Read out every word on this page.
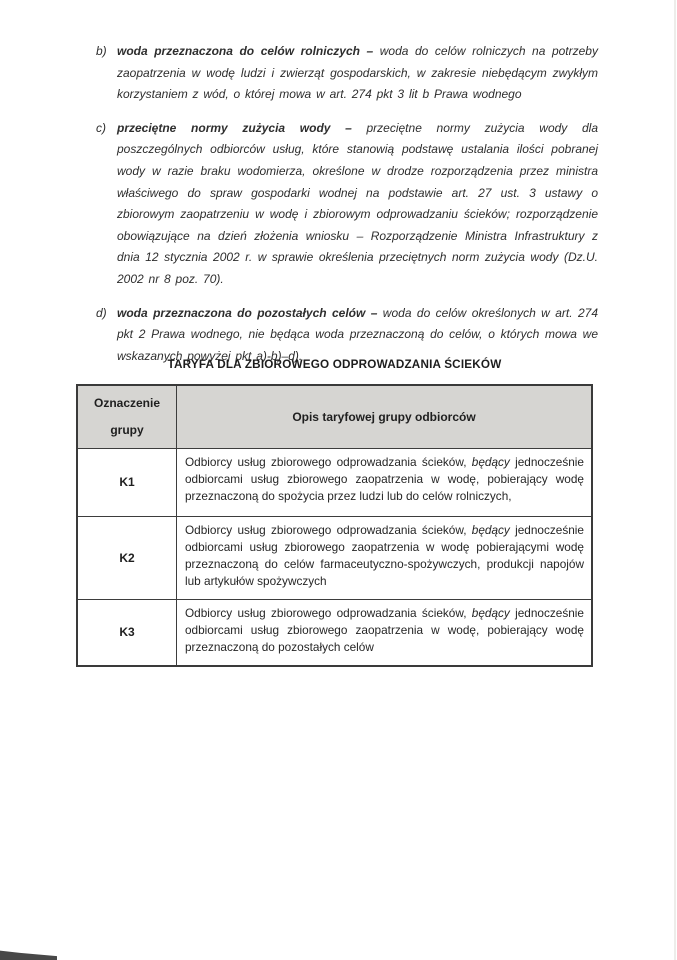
b) woda przeznaczona do celów rolniczych – woda do celów rolniczych na potrzeby zaopatrzenia w wodę ludzi i zwierząt gospodarskich, w zakresie niebędącym zwykłym korzystaniem z wód, o której mowa w art. 274 pkt 3 lit b Prawa wodnego
c) przeciętne normy zużycia wody – przeciętne normy zużycia wody dla poszczególnych odbiorców usług, które stanowią podstawę ustalania ilości pobranej wody w razie braku wodomierza, określone w drodze rozporządzenia przez ministra właściwego do spraw gospodarki wodnej na podstawie art. 27 ust. 3 ustawy o zbiorowym zaopatrzeniu w wodę i zbiorowym odprowadzaniu ścieków; rozporządzenie obowiązujące na dzień złożenia wniosku – Rozporządzenie Ministra Infrastruktury z dnia 12 stycznia 2002 r. w sprawie określenia przeciętnych norm zużycia wody (Dz.U. 2002 nr 8 poz. 70).
d) woda przeznaczona do pozostałych celów – woda do celów określonych w art. 274 pkt 2 Prawa wodnego, nie będąca woda przeznaczoną do celów, o których mowa we wskazanych powyżej pkt a)-b)–d).
TARYFA DLA ZBIOROWEGO ODPROWADZANIA ŚCIEKÓW
Oznaczenie
grupy	Opis taryfowej grupy odbiorców
K1	Odbiorcy usług zbiorowego odprowadzania ścieków, będący jednocześnie odbiorcami usług zbiorowego zaopatrzenia w wodę, pobierający wodę przeznaczoną do spożycia przez ludzi lub do celów rolniczych,
K2	Odbiorcy usług zbiorowego odprowadzania ścieków, będący jednocześnie odbiorcami usług zbiorowego zaopatrzenia w wodę pobierającymi wodę przeznaczoną do celów farmaceutyczno-spożywczych, produkcji napojów lub artykułów spożywczych
K3	Odbiorcy usług zbiorowego odprowadzania ścieków, będący jednocześnie odbiorcami usług zbiorowego zaopatrzenia w wodę, pobierający wodę przeznaczoną do pozostałych celów
